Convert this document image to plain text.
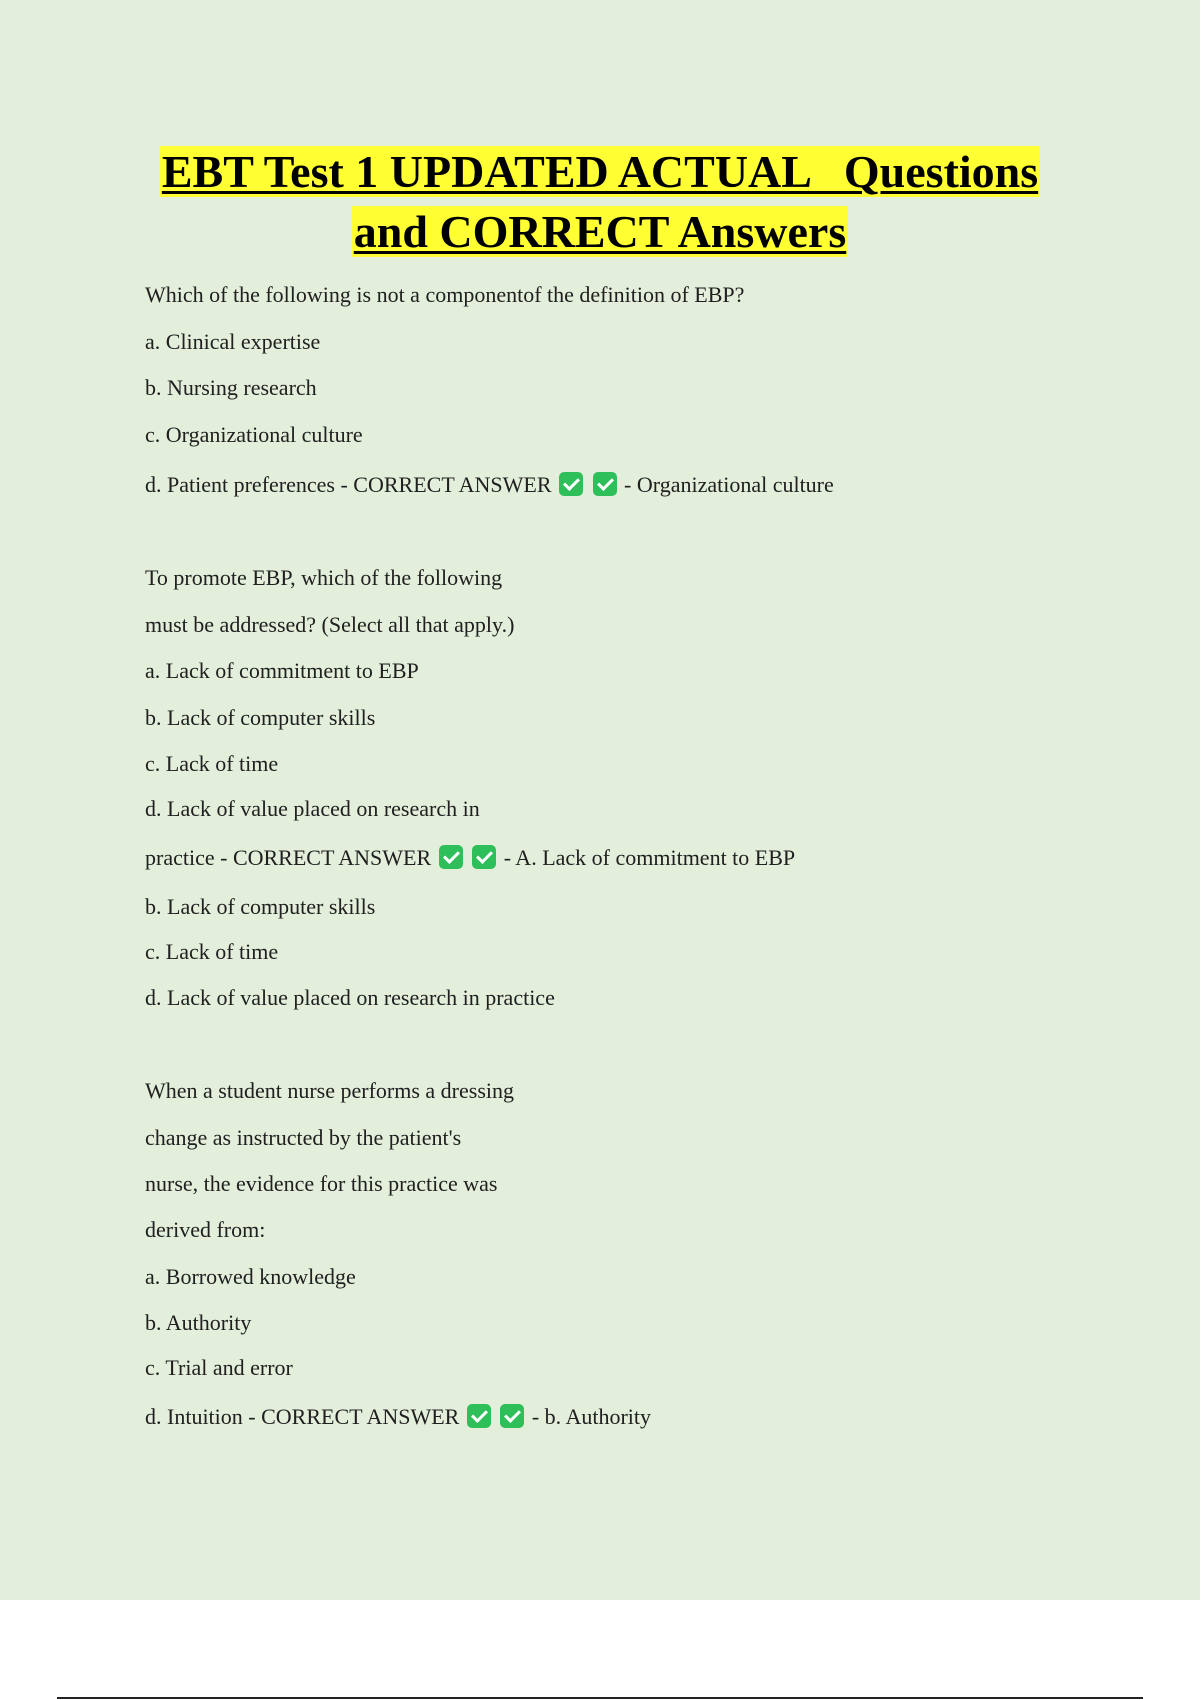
EBT Test 1 UPDATED ACTUAL   Questions
and CORRECT Answers
Which of the following is not a componentof the definition of EBP?
a. Clinical expertise
b. Nursing research
c. Organizational culture
d. Patient preferences - CORRECT ANSWER	- Organizational culture
To promote EBP, which of the following
must be addressed? (Select all that apply.)
a. Lack of commitment to EBP
b. Lack of computer skills
c. Lack of time
d. Lack of value placed on research in
practice - CORRECT ANSWER	- A. Lack of commitment to EBP
b. Lack of computer skills
c. Lack of time
d. Lack of value placed on research in practice
When a student nurse performs a dressing
change as instructed by the patient's
nurse, the evidence for this practice was
derived from:
a. Borrowed knowledge
b. Authority
c. Trial and error
d. Intuition - CORRECT ANSWER	- b. Authority
